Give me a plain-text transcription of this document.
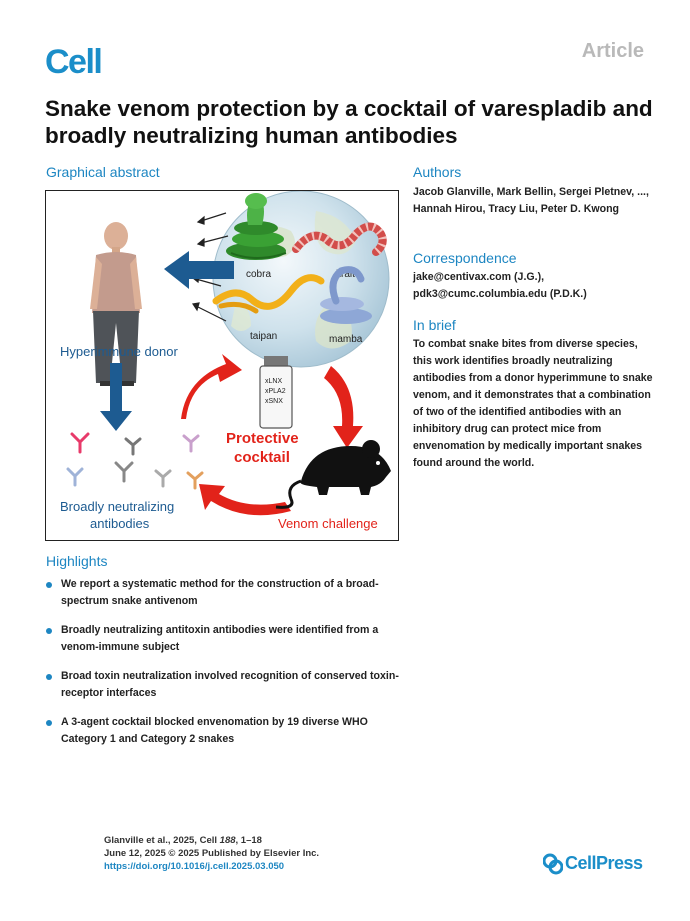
Cell	Article
Snake venom protection by a cocktail of varespladib and broadly neutralizing human antibodies
Graphical abstract
cobra	krait
taipan	mamba
Hyperimmune donor
xLNX
xPLA2
xSNX
Protective
cocktail
Broadly neutralizing
antibodies	Venom challenge
Authors
Jacob Glanville, Mark Bellin, Sergei Pletnev, ..., Hannah Hirou, Tracy Liu, Peter D. Kwong
Correspondence
jake@centivax.com (J.G.),
pdk3@cumc.columbia.edu (P.D.K.)
In brief
To combat snake bites from diverse species, this work identifies broadly neutralizing antibodies from a donor hyperimmune to snake venom, and it demonstrates that a combination of two of the identified antibodies with an inhibitory drug can protect mice from envenomation by medically important snakes found around the world.
Highlights
We report a systematic method for the construction of a broad-spectrum snake antivenom
Broadly neutralizing antitoxin antibodies were identified from a venom-immune subject
Broad toxin neutralization involved recognition of conserved toxin-receptor interfaces
A 3-agent cocktail blocked envenomation by 19 diverse WHO Category 1 and Category 2 snakes
Glanville et al., 2025, Cell 188, 1–18
June 12, 2025 © 2025 Published by Elsevier Inc.
https://doi.org/10.1016/j.cell.2025.03.050	CellPress
